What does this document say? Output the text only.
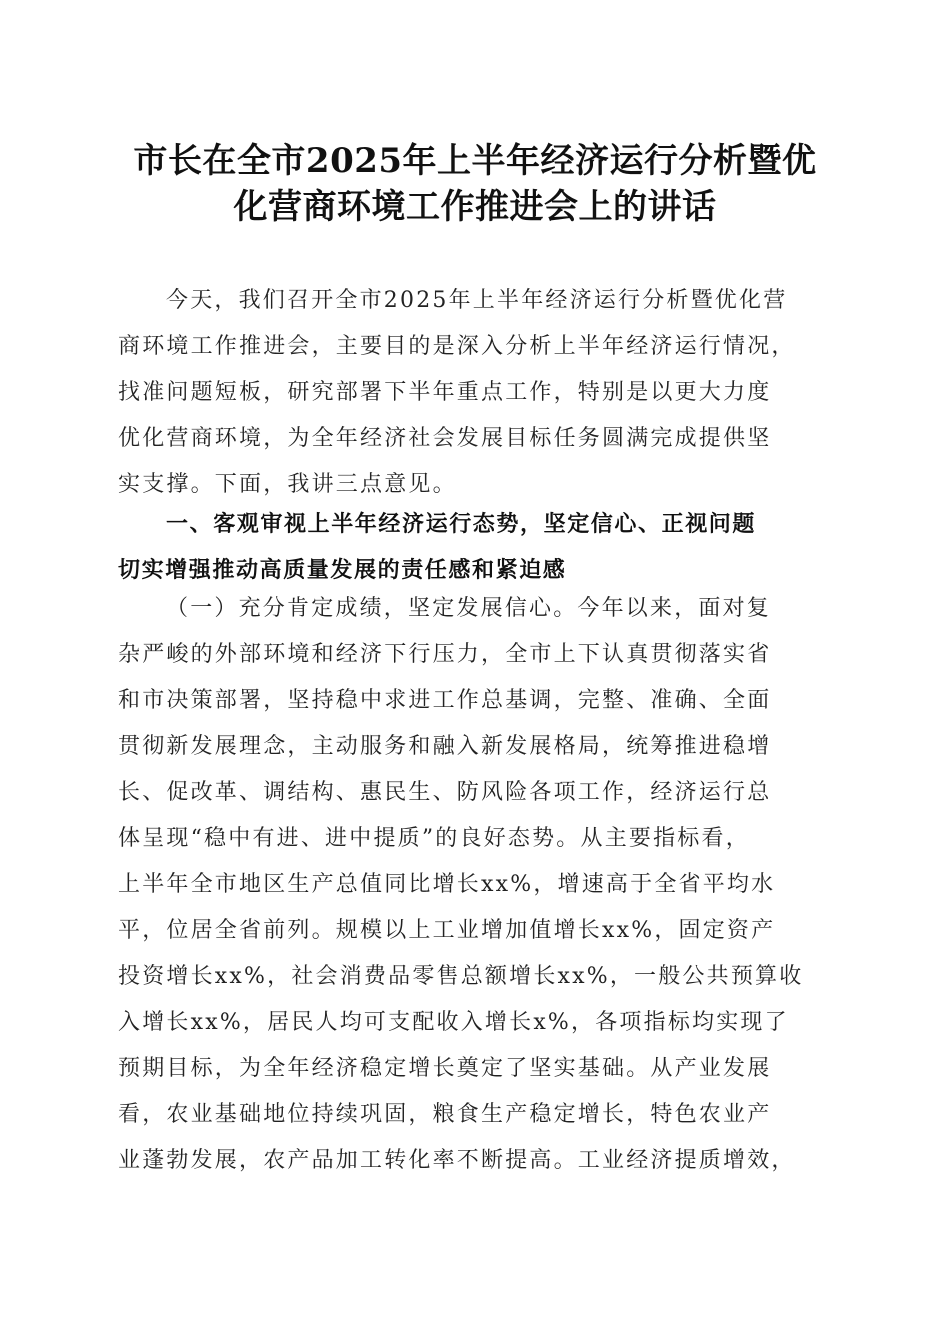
市长在全市2025年上半年经济运行分析暨优
化营商环境工作推进会上的讲话
今天，我们召开全市2025年上半年经济运行分析暨优化营
商环境工作推进会，主要目的是深入分析上半年经济运行情况，
找准问题短板，研究部署下半年重点工作，特别是以更大力度
优化营商环境，为全年经济社会发展目标任务圆满完成提供坚
实支撑。下面，我讲三点意见。
一、客观审视上半年经济运行态势，坚定信心、正视问题
切实增强推动高质量发展的责任感和紧迫感
（一）充分肯定成绩，坚定发展信心。今年以来，面对复
杂严峻的外部环境和经济下行压力，全市上下认真贯彻落实省
和市决策部署，坚持稳中求进工作总基调，完整、准确、全面
贯彻新发展理念，主动服务和融入新发展格局，统筹推进稳增
长、促改革、调结构、惠民生、防风险各项工作，经济运行总
体呈现“稳中有进、进中提质”的良好态势。从主要指标看，
上半年全市地区生产总值同比增长xx%，增速高于全省平均水
平，位居全省前列。规模以上工业增加值增长xx%，固定资产
投资增长xx%，社会消费品零售总额增长xx%，一般公共预算收
入增长xx%，居民人均可支配收入增长x%，各项指标均实现了
预期目标，为全年经济稳定增长奠定了坚实基础。从产业发展
看，农业基础地位持续巩固，粮食生产稳定增长，特色农业产
业蓬勃发展，农产品加工转化率不断提高。工业经济提质增效，
